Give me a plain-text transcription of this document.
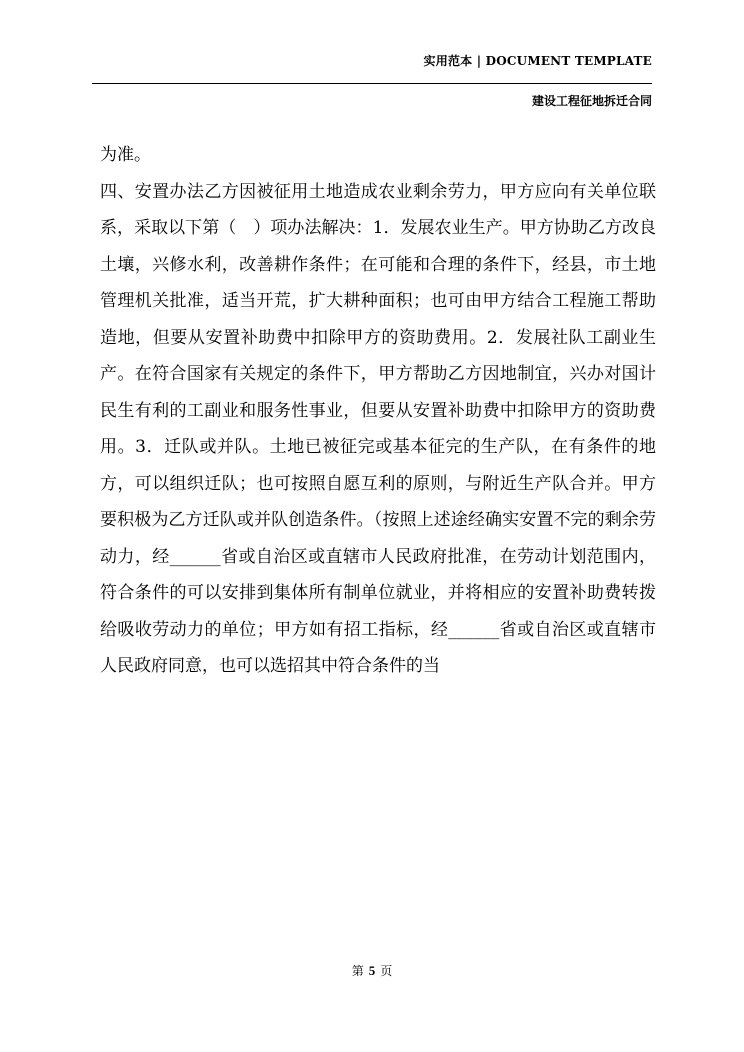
实用范本 | DOCUMENT TEMPLATE
建设工程征地拆迁合同

为准。

四、安置办法乙方因被征用土地造成农业剩余劳力，甲方应向有关单位联系，采取以下第（　）项办法解决：1．发展农业生产。甲方协助乙方改良土壤，兴修水利，改善耕作条件；在可能和合理的条件下，经县，市土地管理机关批准，适当开荒，扩大耕种面积；也可由甲方结合工程施工帮助造地，但要从安置补助费中扣除甲方的资助费用。2．发展社队工副业生产。在符合国家有关规定的条件下，甲方帮助乙方因地制宜，兴办对国计民生有利的工副业和服务性事业，但要从安置补助费中扣除甲方的资助费用。3．迁队或并队。土地已被征完或基本征完的生产队，在有条件的地方，可以组织迁队；也可按照自愿互利的原则，与附近生产队合并。甲方要积极为乙方迁队或并队创造条件。（按照上述途经确实安置不完的剩余劳动力，经______省或自治区或直辖市人民政府批准，在劳动计划范围内，符合条件的可以安排到集体所有制单位就业，并将相应的安置补助费转拨给吸收劳动力的单位；甲方如有招工指标，经______省或自治区或直辖市人民政府同意，也可以选招其中符合条件的当

第 5 页
